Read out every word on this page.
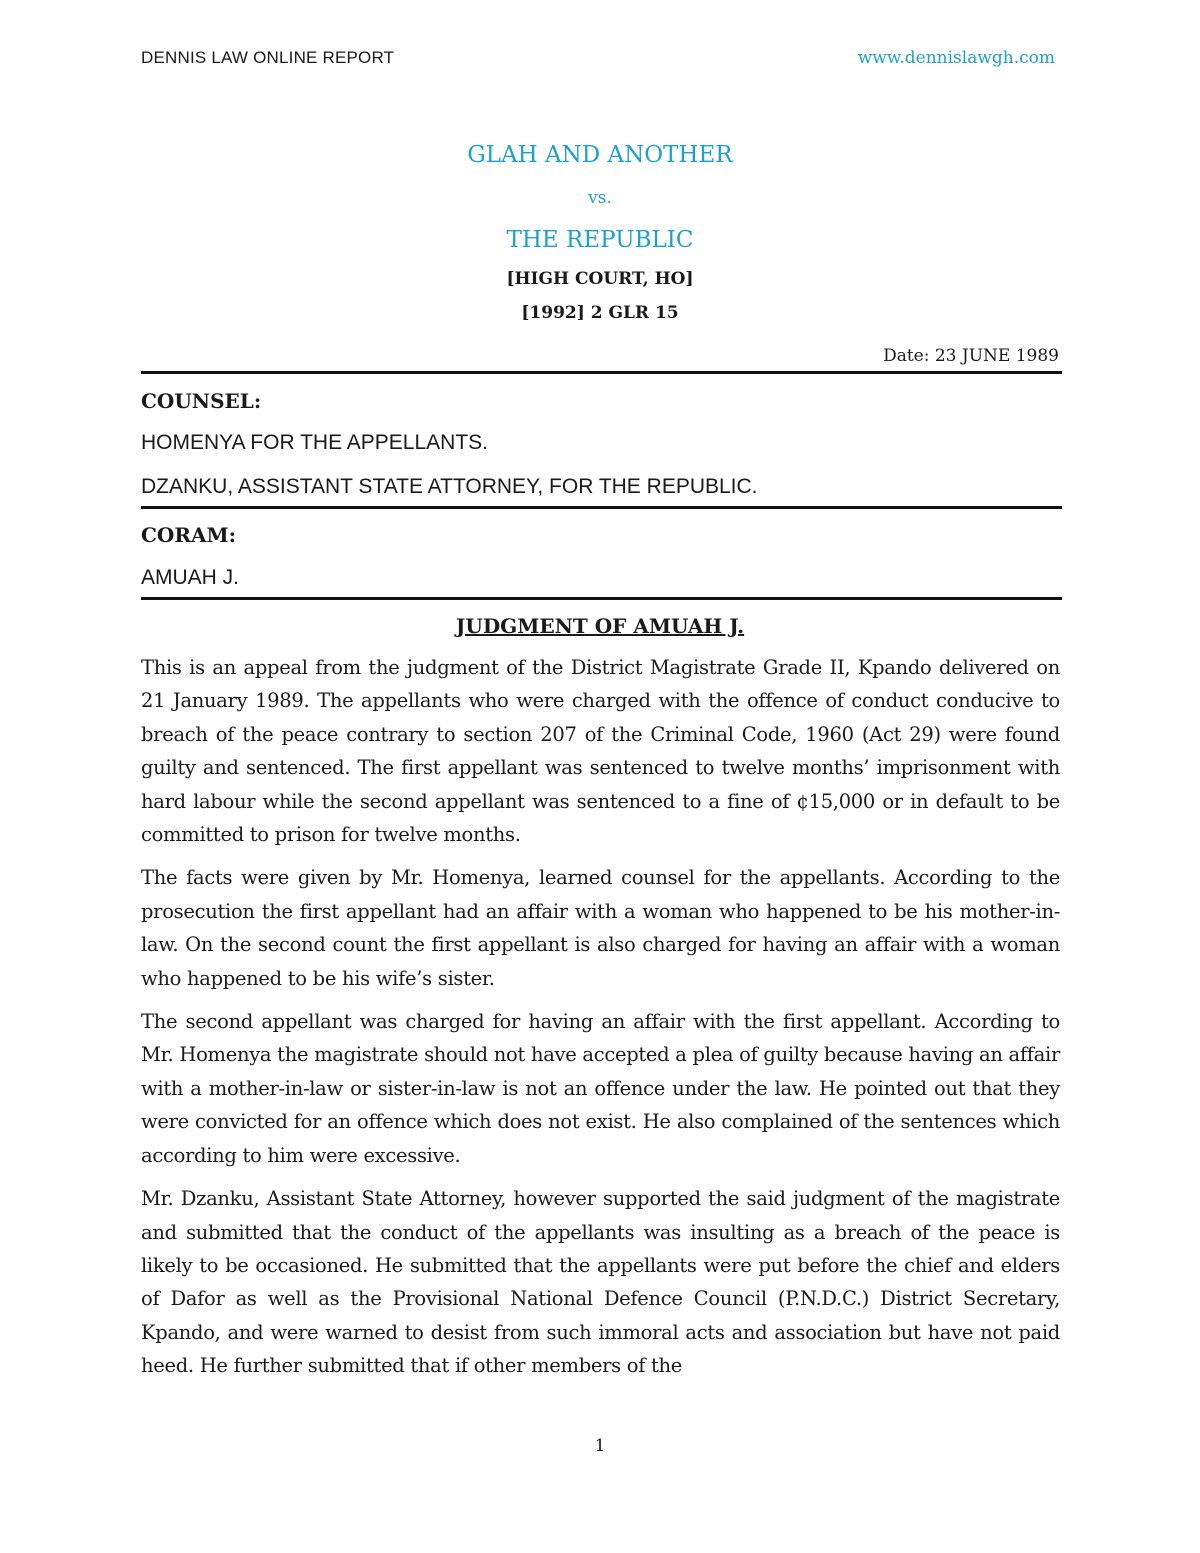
DENNIS LAW ONLINE REPORT	www.dennislawgh.com

GLAH AND ANOTHER

vs.

THE REPUBLIC

[HIGH COURT, HO]

[1992] 2 GLR 15

Date: 23 JUNE 1989
COUNSEL:
HOMENYA FOR THE APPELLANTS.
DZANKU, ASSISTANT STATE ATTORNEY, FOR THE REPUBLIC.
CORAM:
AMUAH J.
JUDGMENT OF AMUAH J.

This is an appeal from the judgment of the District Magistrate Grade II, Kpando delivered on 21 January 1989. The appellants who were charged with the offence of conduct conducive to breach of the peace contrary to section 207 of the Criminal Code, 1960 (Act 29) were found guilty and sentenced. The first appellant was sentenced to twelve months’ imprisonment with hard labour while the second appellant was sentenced to a fine of ¢15,000 or in default to be committed to prison for twelve months.

The facts were given by Mr. Homenya, learned counsel for the appellants. According to the prosecution the first appellant had an affair with a woman who happened to be his mother-in-law. On the second count the first appellant is also charged for having an affair with a woman who happened to be his wife’s sister.

The second appellant was charged for having an affair with the first appellant. According to Mr. Homenya the magistrate should not have accepted a plea of guilty because having an affair with a mother-in-law or sister-in-law is not an offence under the law. He pointed out that they were convicted for an offence which does not exist. He also complained of the sentences which according to him were excessive.

Mr. Dzanku, Assistant State Attorney, however supported the said judgment of the magistrate and submitted that the conduct of the appellants was insulting as a breach of the peace is likely to be occasioned. He submitted that the appellants were put before the chief and elders of Dafor as well as the Provisional National Defence Council (P.N.D.C.) District Secretary, Kpando, and were warned to desist from such immoral acts and association but have not paid heed. He further submitted that if other members of the

1
